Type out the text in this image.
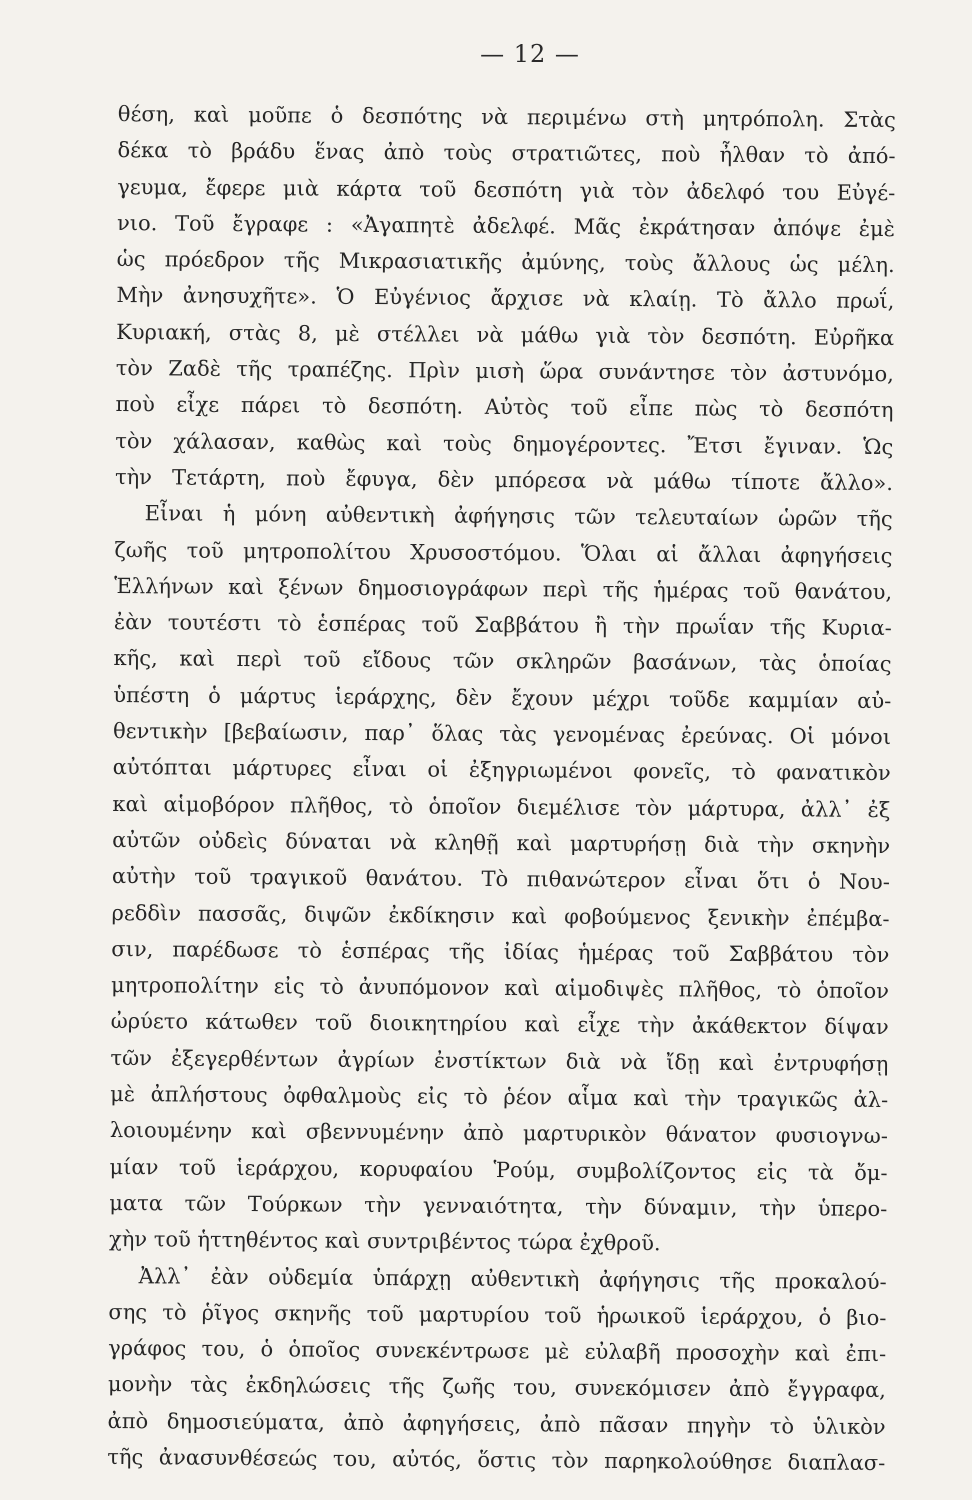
— 12 —
θέση, καὶ μοῦπε ὁ δεσπότης νὰ περιμένω στὴ μητρόπολη. Στὰς
δέκα τὸ βράδυ ἕνας ἀπὸ τοὺς στρατιῶτες, ποὺ ἦλθαν τὸ ἀπό-
γευμα, ἔφερε μιὰ κάρτα τοῦ δεσπότη γιὰ τὸν ἀδελφό του Εὐγέ-
νιο. Τοῦ ἔγραφε : «Ἀγαπητὲ ἀδελφέ. Μᾶς ἐκράτησαν ἀπόψε ἐμὲ
ὡς πρόεδρον τῆς Μικρασιατικῆς ἀμύνης, τοὺς ἄλλους ὡς μέλη.
Μὴν ἀνησυχῆτε». Ὁ Εὐγένιος ἄρχισε νὰ κλαίῃ. Τὸ ἄλλο πρωΐ,
Κυριακή, στὰς 8, μὲ στέλλει νὰ μάθω γιὰ τὸν δεσπότη. Εὐρῆκα
τὸν Ζαδὲ τῆς τραπέζης. Πρὶν μισὴ ὥρα συνάντησε τὸν ἀστυνόμο,
ποὺ εἶχε πάρει τὸ δεσπότη. Αὐτὸς τοῦ εἶπε πὼς τὸ δεσπότη
τὸν χάλασαν, καθὼς καὶ τοὺς δημογέροντες. Ἔτσι ἔγιναν. Ὡς
τὴν Τετάρτη, ποὺ ἔφυγα, δὲν μπόρεσα νὰ μάθω τίποτε ἄλλο».
Εἶναι ἡ μόνη αὐθεντικὴ ἀφήγησις τῶν τελευταίων ὡρῶν τῆς
ζωῆς τοῦ μητροπολίτου Χρυσοστόμου. Ὅλαι αἱ ἄλλαι ἀφηγήσεις
Ἑλλήνων καὶ ξένων δημοσιογράφων περὶ τῆς ἡμέρας τοῦ θανάτου,
ἐὰν τουτέστι τὸ ἑσπέρας τοῦ Σαββάτου ἢ τὴν πρωΐαν τῆς Κυρια-
κῆς, καὶ περὶ τοῦ εἴδους τῶν σκληρῶν βασάνων, τὰς ὁποίας
ὑπέστη ὁ μάρτυς ἱεράρχης, δὲν ἔχουν μέχρι τοῦδε καμμίαν αὐ-
θεντικὴν [βεβαίωσιν, παρ᾽ ὅλας τὰς γενομένας ἐρεύνας. Οἱ μόνοι
αὐτόπται μάρτυρες εἶναι οἱ ἐξηγριωμένοι φονεῖς, τὸ φανατικὸν
καὶ αἱμοβόρον πλῆθος, τὸ ὁποῖον διεμέλισε τὸν μάρτυρα, ἀλλ᾽ ἐξ
αὐτῶν οὐδεὶς δύναται νὰ κληθῇ καὶ μαρτυρήσῃ διὰ τὴν σκηνὴν
αὐτὴν τοῦ τραγικοῦ θανάτου. Τὸ πιθανώτερον εἶναι ὅτι ὁ Νου-
ρεδδὶν πασσᾶς, διψῶν ἐκδίκησιν καὶ φοβούμενος ξενικὴν ἐπέμβα-
σιν, παρέδωσε τὸ ἑσπέρας τῆς ἰδίας ἡμέρας τοῦ Σαββάτου τὸν
μητροπολίτην εἰς τὸ ἀνυπόμονον καὶ αἱμοδιψὲς πλῆθος, τὸ ὁποῖον
ὠρύετο κάτωθεν τοῦ διοικητηρίου καὶ εἶχε τὴν ἀκάθεκτον δίψαν
τῶν ἐξεγερθέντων ἀγρίων ἐνστίκτων διὰ νὰ ἴδῃ καὶ ἐντρυφήσῃ
μὲ ἀπλήστους ὀφθαλμοὺς εἰς τὸ ῥέον αἷμα καὶ τὴν τραγικῶς ἀλ-
λοιουμένην καὶ σβεννυμένην ἀπὸ μαρτυρικὸν θάνατον φυσιογνω-
μίαν τοῦ ἱεράρχου, κορυφαίου Ῥούμ, συμβολίζοντος εἰς τὰ ὄμ-
ματα τῶν Τούρκων τὴν γενναιότητα, τὴν δύναμιν, τὴν ὑπερο-
χὴν τοῦ ἡττηθέντος καὶ συντριβέντος τώρα ἐχθροῦ.
Ἀλλ᾽ ἐὰν οὐδεμία ὑπάρχῃ αὐθεντικὴ ἀφήγησις τῆς προκαλού-
σης τὸ ῥῖγος σκηνῆς τοῦ μαρτυρίου τοῦ ἡρωικοῦ ἱεράρχου, ὁ βιο-
γράφος του, ὁ ὁποῖος συνεκέντρωσε μὲ εὐλαβῆ προσοχὴν καὶ ἐπι-
μονὴν τὰς ἐκδηλώσεις τῆς ζωῆς του, συνεκόμισεν ἀπὸ ἔγγραφα,
ἀπὸ δημοσιεύματα, ἀπὸ ἀφηγήσεις, ἀπὸ πᾶσαν πηγὴν τὸ ὑλικὸν
τῆς ἀνασυνθέσεώς του, αὐτός, ὅστις τὸν παρηκολούθησε διαπλασ-
